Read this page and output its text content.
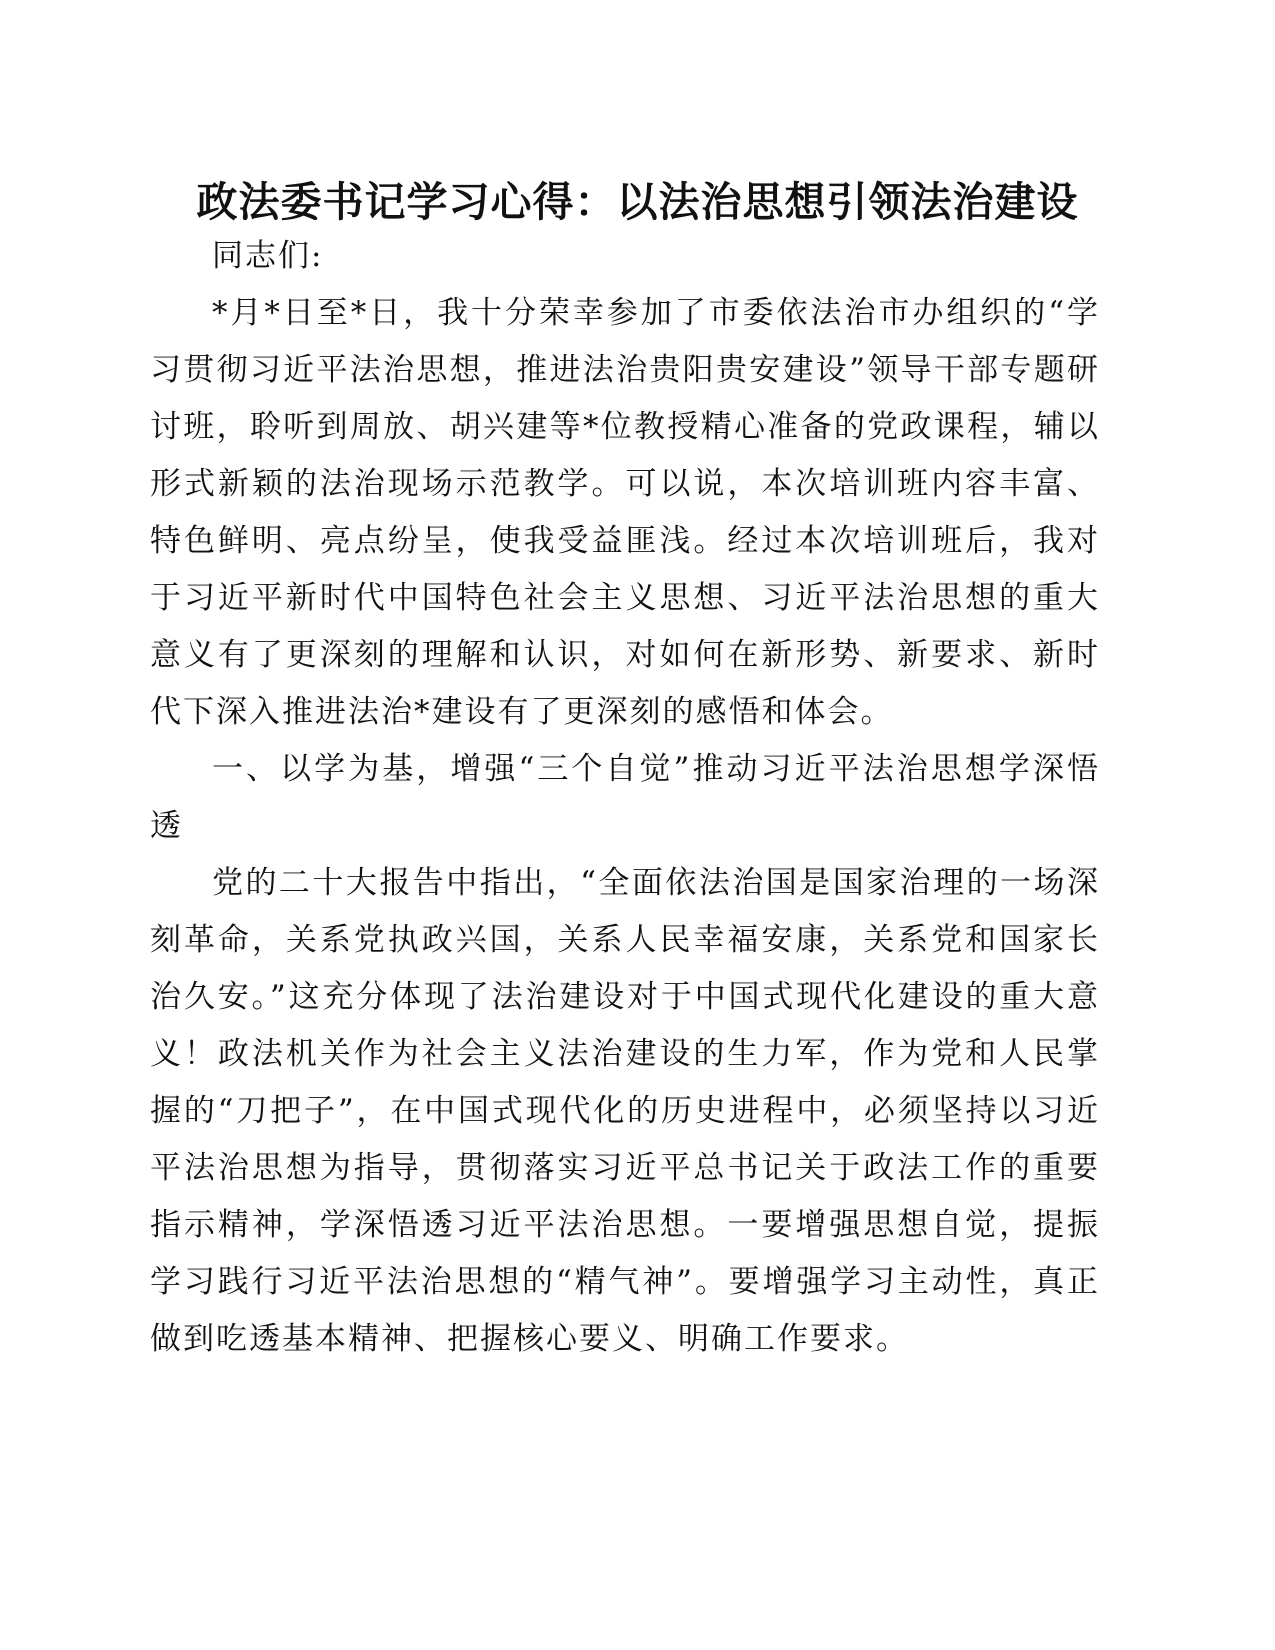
政法委书记学习心得：以法治思想引领法治建设

同志们:

*月*日至*日，我十分荣幸参加了市委依法治市办组织的“学习贯彻习近平法治思想，推进法治贵阳贵安建设”领导干部专题研讨班，聆听到周放、胡兴建等*位教授精心准备的党政课程，辅以形式新颖的法治现场示范教学。可以说，本次培训班内容丰富、特色鲜明、亮点纷呈，使我受益匪浅。经过本次培训班后，我对于习近平新时代中国特色社会主义思想、习近平法治思想的重大意义有了更深刻的理解和认识，对如何在新形势、新要求、新时代下深入推进法治*建设有了更深刻的感悟和体会。

一、以学为基，增强“三个自觉”推动习近平法治思想学深悟透

党的二十大报告中指出，“全面依法治国是国家治理的一场深刻革命，关系党执政兴国，关系人民幸福安康，关系党和国家长治久安。”这充分体现了法治建设对于中国式现代化建设的重大意义！政法机关作为社会主义法治建设的生力军，作为党和人民掌握的“刀把子”，在中国式现代化的历史进程中，必须坚持以习近平法治思想为指导，贯彻落实习近平总书记关于政法工作的重要指示精神，学深悟透习近平法治思想。一要增强思想自觉，提振学习践行习近平法治思想的“精气神”。要增强学习主动性，真正做到吃透基本精神、把握核心要义、明确工作要求。
